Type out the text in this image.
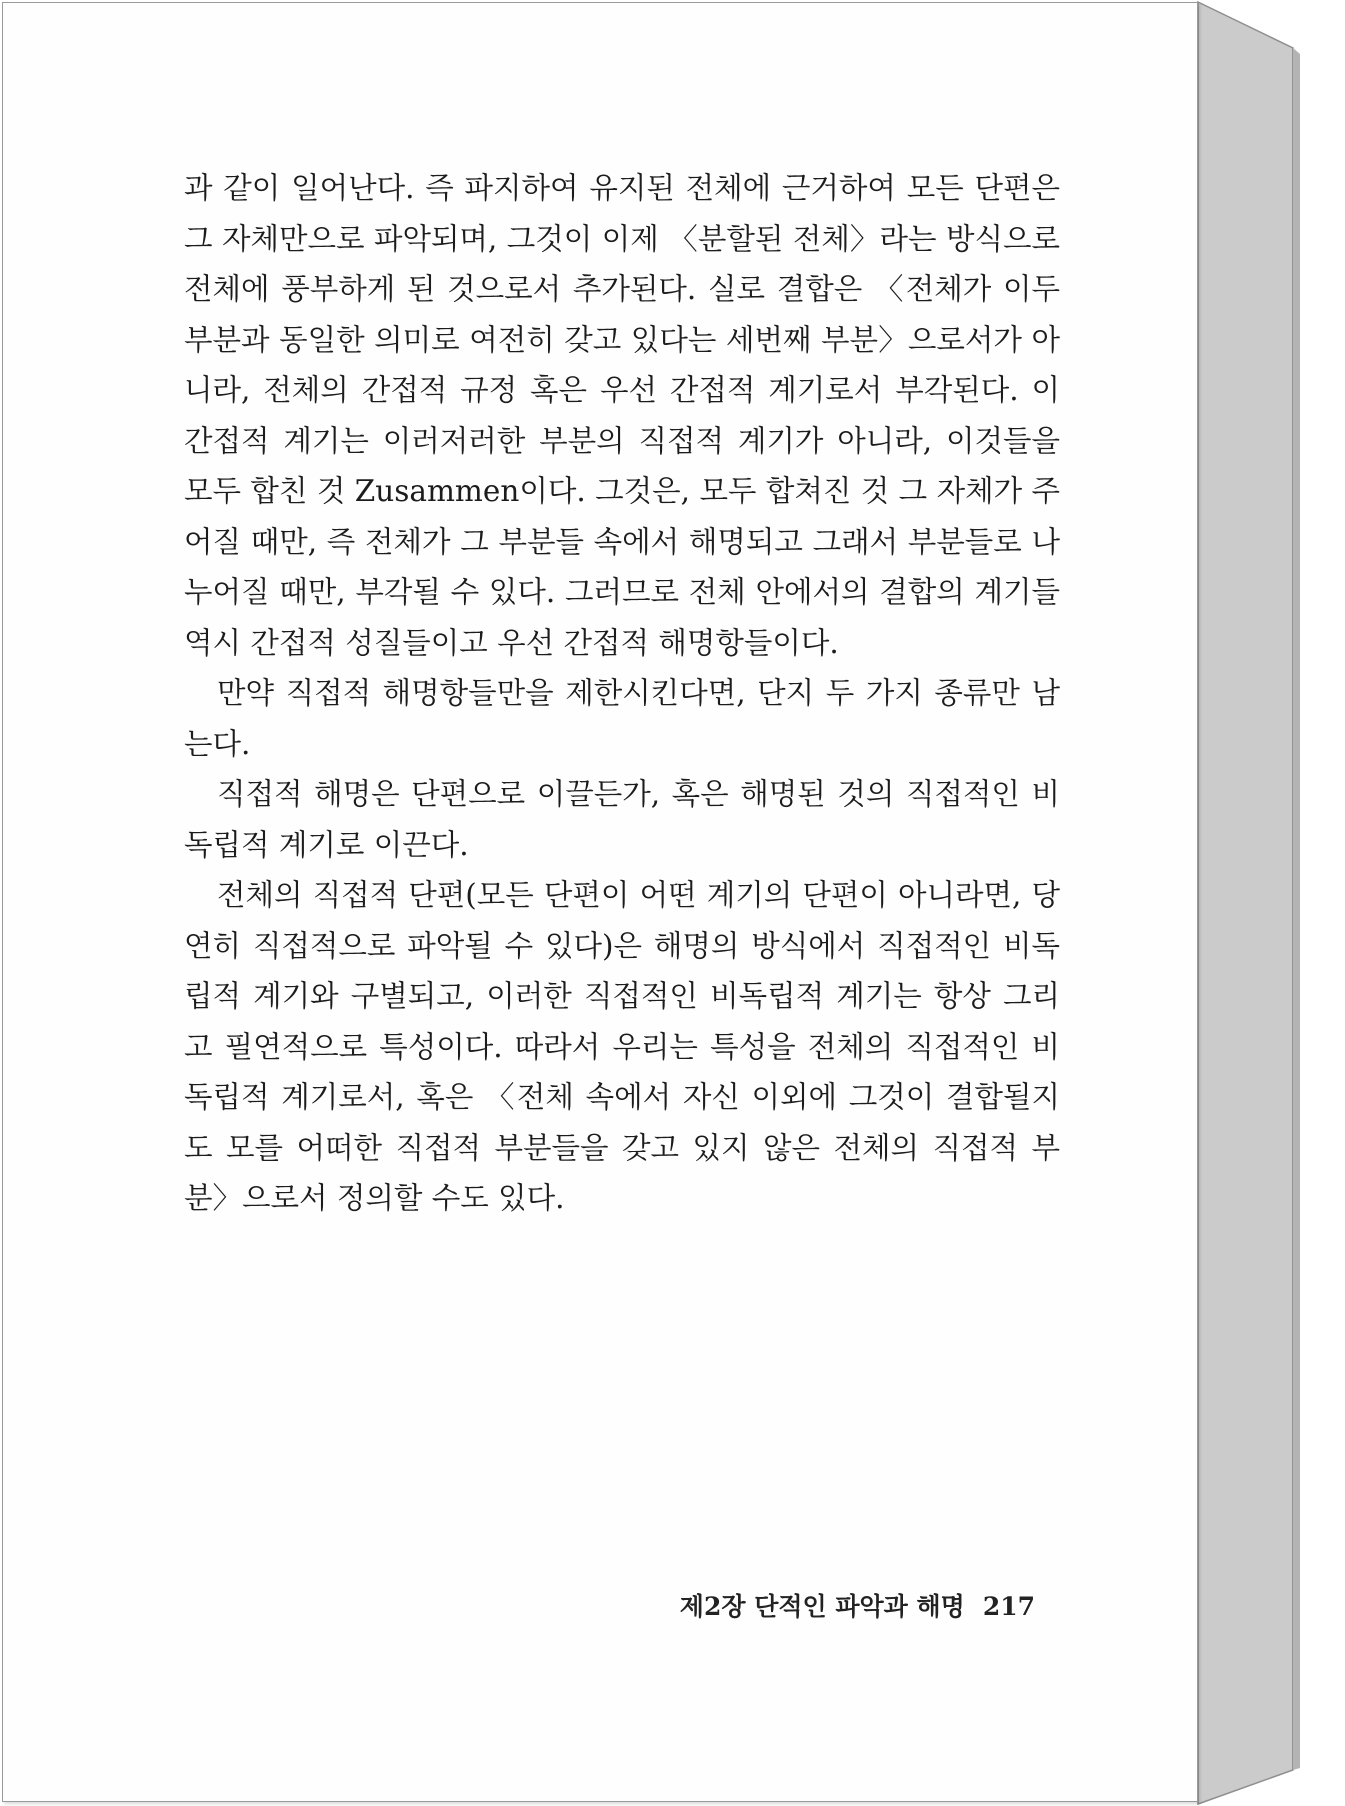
과 같이 일어난다. 즉 파지하여 유지된 전체에 근거하여 모든 단편은 그 자체만으로 파악되며, 그것이 이제 〈분할된 전체〉라는 방식으로 전체에 풍부하게 된 것으로서 추가된다. 실로 결합은 〈전체가 이두 부분과 동일한 의미로 여전히 갖고 있다는 세번째 부분〉으로서가 아니라, 전체의 간접적 규정 혹은 우선 간접적 계기로서 부각된다. 이 간접적 계기는 이러저러한 부분의 직접적 계기가 아니라, 이것들을 모두 합친 것 Zusammen이다. 그것은, 모두 합쳐진 것 그 자체가 주어질 때만, 즉 전체가 그 부분들 속에서 해명되고 그래서 부분들로 나누어질 때만, 부각될 수 있다. 그러므로 전체 안에서의 결합의 계기들 역시 간접적 성질들이고 우선 간접적 해명항들이다.

만약 직접적 해명항들만을 제한시킨다면, 단지 두 가지 종류만 남는다.

직접적 해명은 단편으로 이끌든가, 혹은 해명된 것의 직접적인 비독립적 계기로 이끈다.

전체의 직접적 단편(모든 단편이 어떤 계기의 단편이 아니라면, 당연히 직접적으로 파악될 수 있다)은 해명의 방식에서 직접적인 비독립적 계기와 구별되고, 이러한 직접적인 비독립적 계기는 항상 그리고 필연적으로 특성이다. 따라서 우리는 특성을 전체의 직접적인 비독립적 계기로서, 혹은 〈전체 속에서 자신 이외에 그것이 결합될지도 모를 어떠한 직접적 부분들을 갖고 있지 않은 전체의 직접적 부분〉으로서 정의할 수도 있다.

제2장 단적인 파악과 해명 217
